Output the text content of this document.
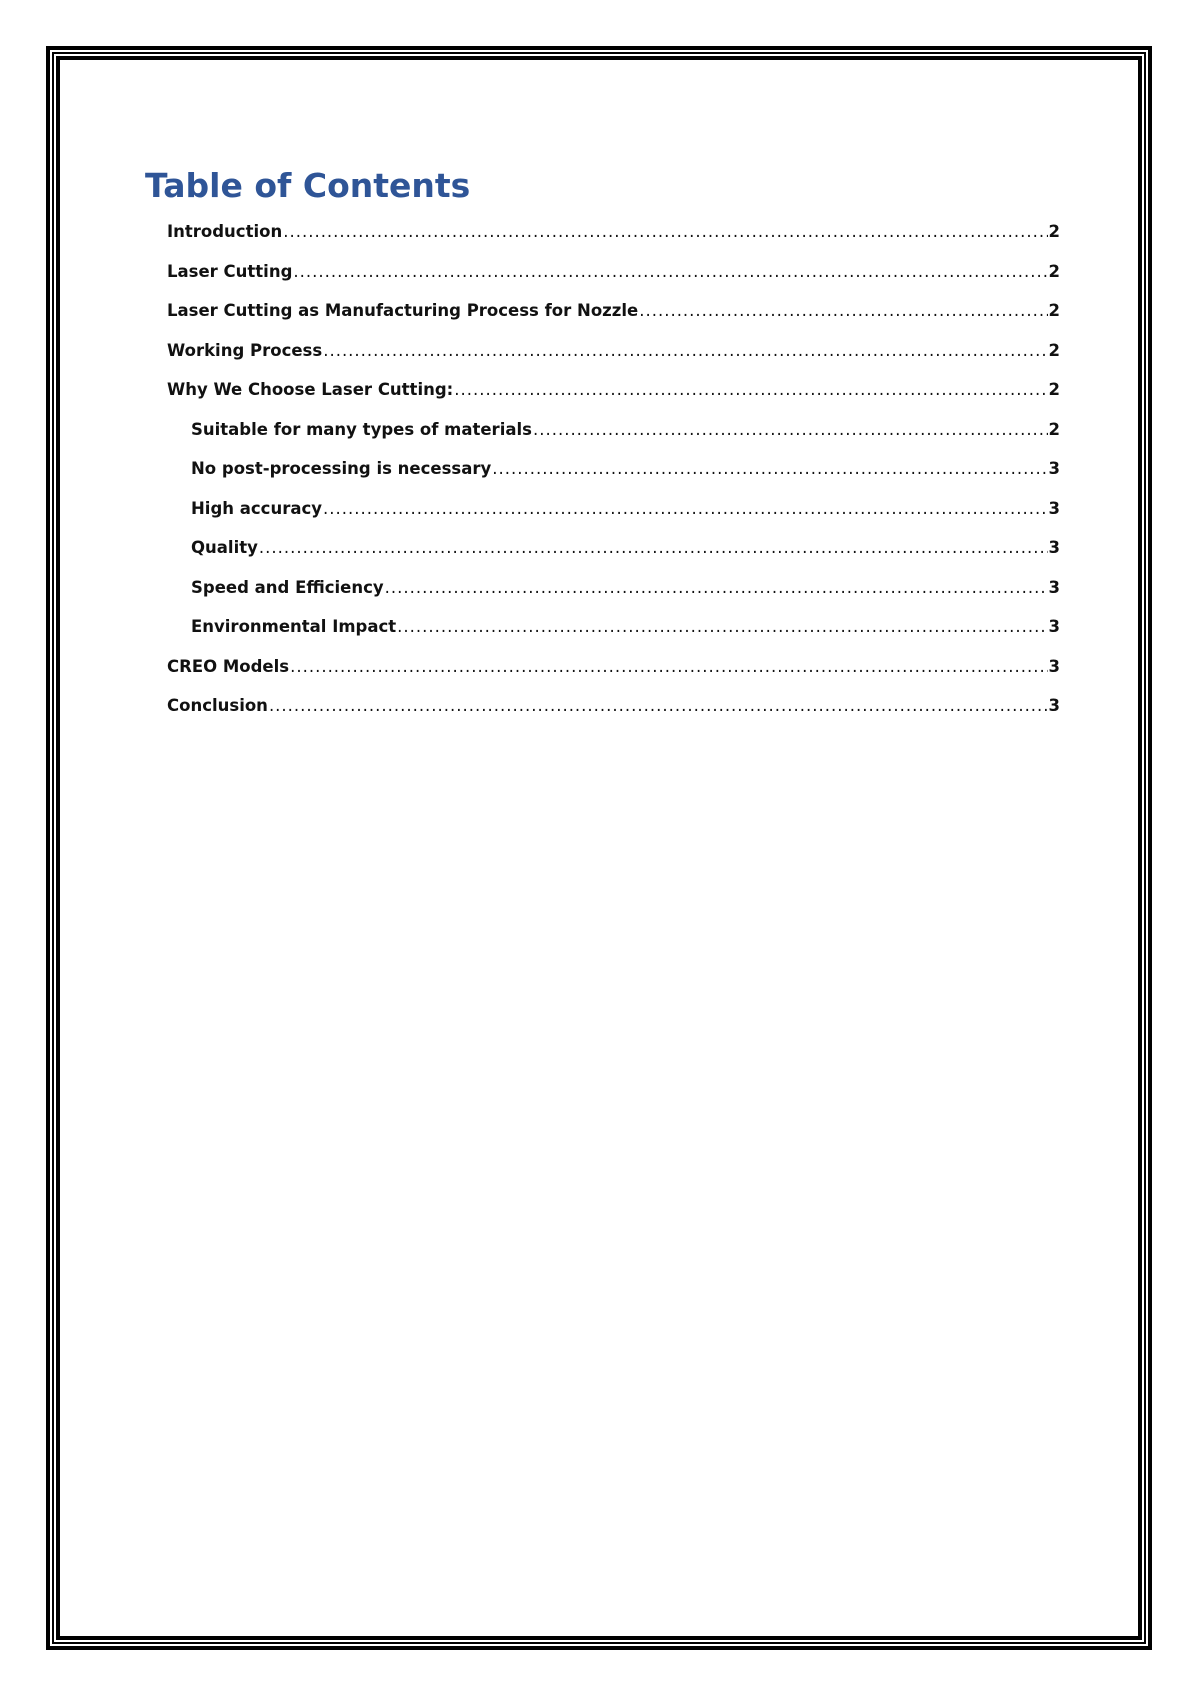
Table of Contents
Introduction .....	2
Laser Cutting .....	2
Laser Cutting as Manufacturing Process for Nozzle .....	2
Working Process .....	2
Why We Choose Laser Cutting: .....	2
Suitable for many types of materials .....	2
No post-processing is necessary .....	3
High accuracy .....	3
Quality .....	3
Speed and Efficiency .....	3
Environmental Impact .....	3
CREO Models .....	3
Conclusion .....	3
